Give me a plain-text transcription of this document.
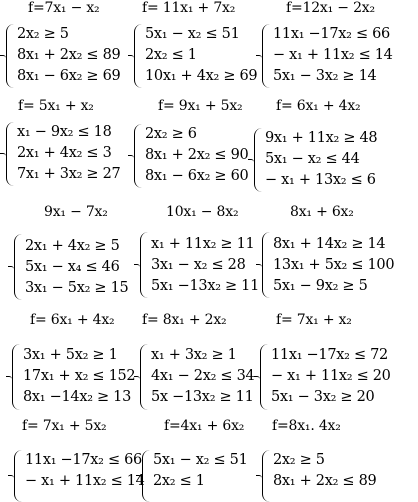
f=7x₁ − x₂	f= 11x₁ + 7x₂	f=12x₁ − 2x₂
2x₂ ≥ 5
8x₁ + 2x₂ ≤ 89
8x₁ − 6x₂ ≥ 69
5x₁ − x₂ ≤ 51
2x₂ ≤ 1
10x₁ + 4x₂ ≥ 69
11x₁ −17x₂ ≤ 66
− x₁ + 11x₂ ≤ 14
5x₁ − 3x₂ ≥ 14
f= 5x₁ + x₂	f= 9x₁ + 5x₂ f= 6x₁ + 4x₂
x₁ − 9x₂ ≤ 18
2x₁ + 4x₂ ≤ 3
7x₁ + 3x₂ ≥ 27
2x₂ ≥ 6
8x₁ + 2x₂ ≤ 90
8x₁ − 6x₂ ≥ 60
9x₁ + 11x₂ ≥ 48
5x₁ − x₂ ≤ 44
− x₁ + 13x₂ ≤ 6
9x₁ − 7x₂	10x₁ − 8x₂	8x₁ + 6x₂
2x₁ + 4x₂ ≥ 5
5x₁ − x₄ ≤ 46
3x₁ − 5x₂ ≥ 15
x₁ + 11x₂ ≥ 11
3x₁ − x₂ ≤ 28
5x₁ −13x₂ ≥ 11
8x₁ + 14x₂ ≥ 14
13x₁ + 5x₂ ≤ 100
5x₁ − 9x₂ ≥ 5
f= 6x₁ + 4x₂ f= 8x₁ + 2x₂	f= 7x₁ + x₂
3x₁ + 5x₂ ≥ 1
17x₁ + x₂ ≤ 152
8x₁ −14x₂ ≥ 13
x₁ + 3x₂ ≥ 1
4x₁ − 2x₂ ≤ 34
5x −13x₂ ≥ 11
11x₁ −17x₂ ≤ 72
− x₁ + 11x₂ ≤ 20
5x₁ − 3x₂ ≥ 20
f= 7x₁ + 5x₂	f=4x₁ + 6x₂ f=8x₁. 4x₂
11x₁ −17x₂ ≤ 66
− x₁ + 11x₂ ≤ 14
5x₁ − x₂ ≤ 51
2x₂ ≤ 1
2x₂ ≥ 5
8x₁ + 2x₂ ≤ 89
